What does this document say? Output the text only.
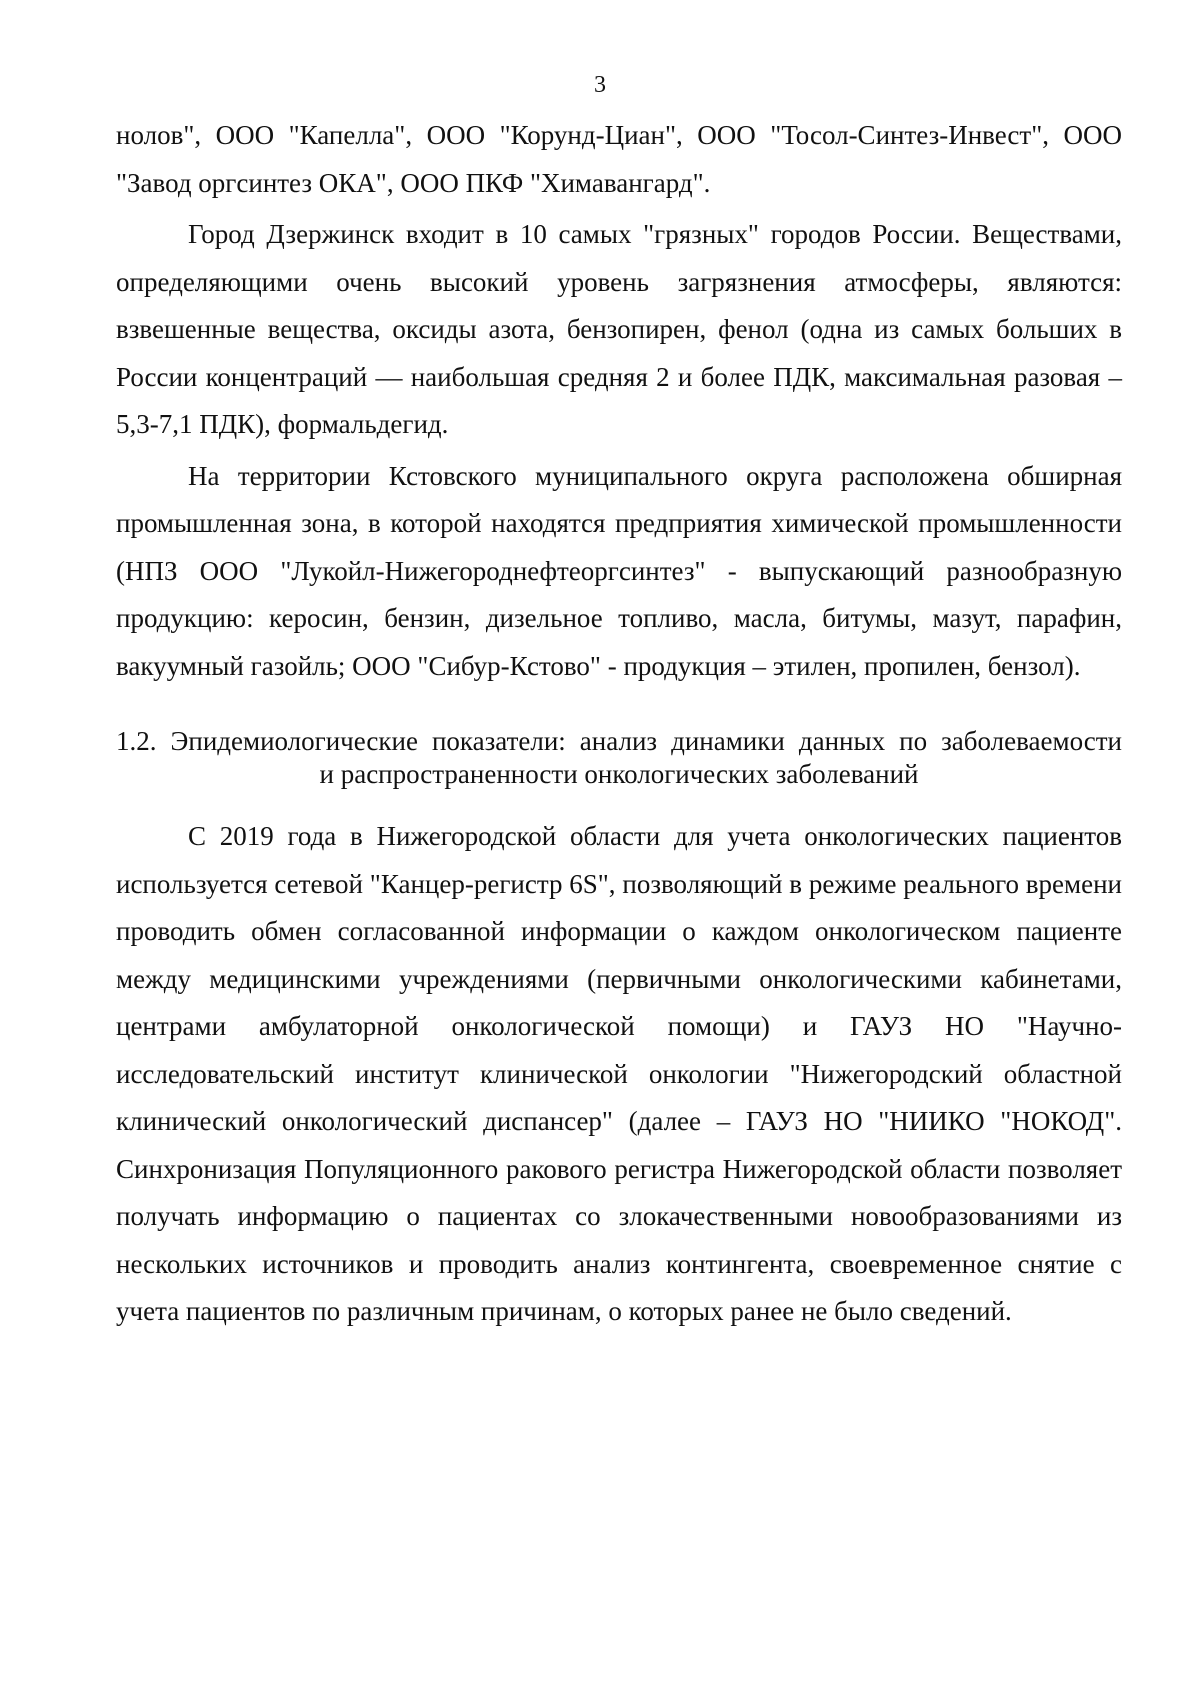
3

нолов", ООО "Капелла", ООО "Корунд-Циан", ООО "Тосол-Синтез-Инвест", ООО "Завод оргсинтез ОКА", ООО ПКФ "Химавангард".

Город Дзержинск входит в 10 самых "грязных" городов России. Веществами, определяющими очень высокий уровень загрязнения атмосферы, являются: взвешенные вещества, оксиды азота, бензопирен, фенол (одна из самых больших в России концентраций — наибольшая средняя 2 и более ПДК, максимальная разовая – 5,3-7,1 ПДК), формальдегид.

На территории Кстовского муниципального округа расположена обширная промышленная зона, в которой находятся предприятия химической промышленности (НПЗ ООО "Лукойл-Нижегороднефтеоргсинтез" - выпускающий разнообразную продукцию: керосин, бензин, дизельное топливо, масла, битумы, мазут, парафин, вакуумный газойль; ООО "Сибур-Кстово" - продукция – этилен, пропилен, бензол).

1.2. Эпидемиологические показатели: анализ динамики данных по заболеваемости
и распространенности онкологических заболеваний

С 2019 года в Нижегородской области для учета онкологических пациентов используется сетевой "Канцер-регистр 6S", позволяющий в режиме реального времени проводить обмен согласованной информации о каждом онкологическом пациенте между медицинскими учреждениями (первичными онкологическими кабинетами, центрами амбулаторной онкологической помощи) и ГАУЗ НО "Научно-исследовательский институт клинической онкологии "Нижегородский областной клинический онкологический диспансер" (далее – ГАУЗ НО "НИИКО "НОКОД". Синхронизация Популяционного ракового регистра Нижегородской области позволяет получать информацию о пациентах со злокачественными новообразованиями из нескольких источников и проводить анализ контингента, своевременное снятие с учета пациентов по различным причинам, о которых ранее не было сведений.
